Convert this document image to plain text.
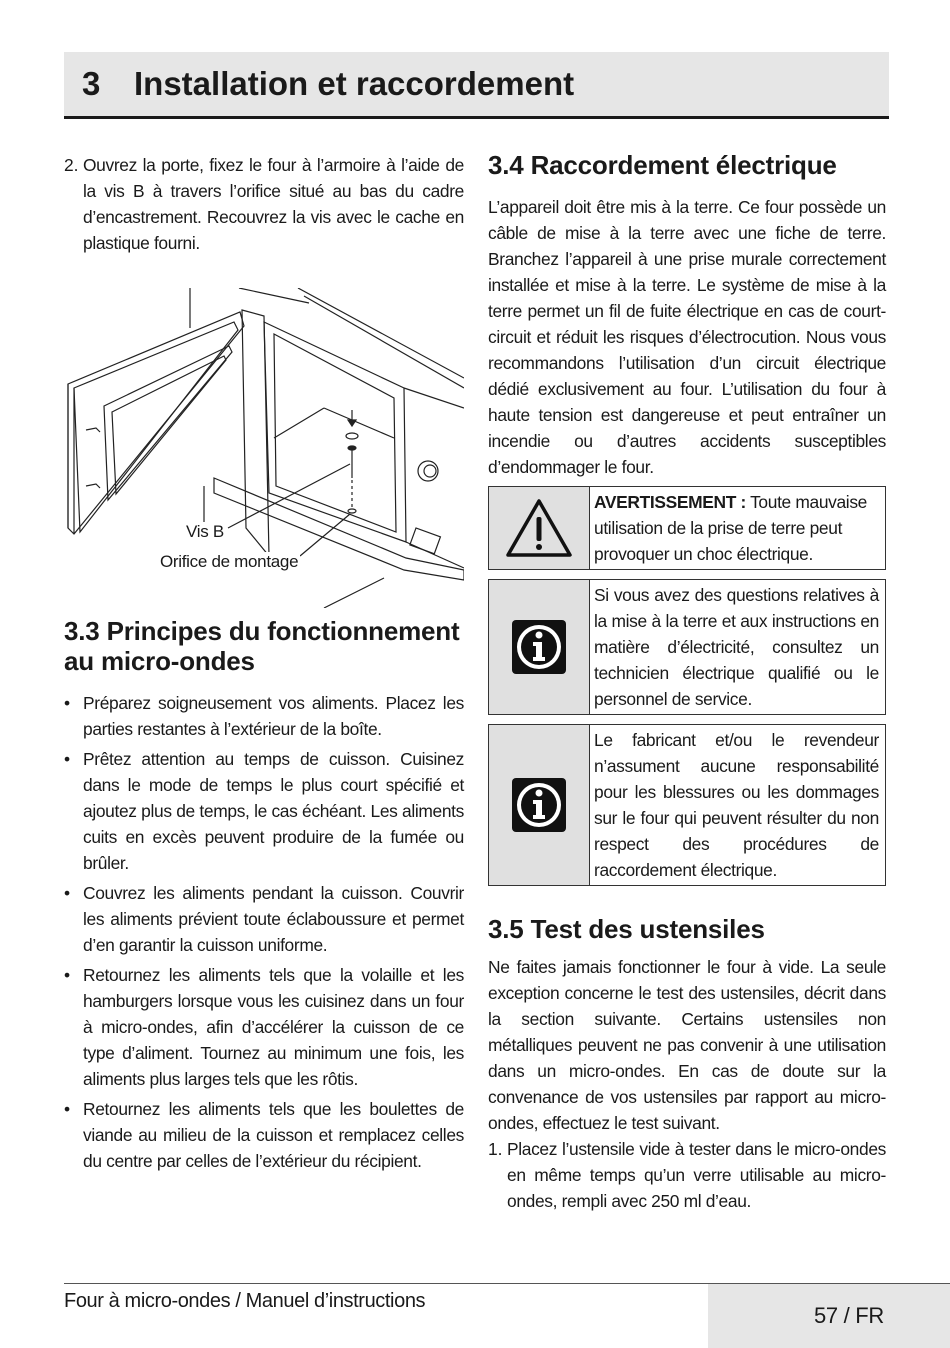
3	Installation et raccordement
2. Ouvrez la porte, fixez le four à l’armoire à l’aide de la vis B à travers l’orifice situé au bas du cadre d’encastrement. Recouvrez la vis avec le cache en plastique fourni.

Vis B
Orifice de montage
3.3 Principes du fonctionnement au micro-ondes
• Préparez soigneusement vos aliments. Placez les parties restantes à l’extérieur de la boîte.

• Prêtez attention au temps de cuisson. Cuisinez dans le mode de temps le plus court spécifié et ajoutez plus de temps, le cas échéant. Les aliments cuits en excès peuvent produire de la fumée ou brûler.

• Couvrez les aliments pendant la cuisson. Couvrir les aliments prévient toute éclaboussure et permet d’en garantir la cuisson uniforme.

• Retournez les aliments tels que la volaille et les hamburgers lorsque vous les cuisinez dans un four à micro-ondes, afin d’accélérer la cuisson de ce type d’aliment. Tournez au minimum une fois, les aliments plus larges tels que les rôtis.

• Retournez les aliments tels que les boulettes de viande au milieu de la cuisson et remplacez celles du centre par celles de l’extérieur du récipient.

3.4 Raccordement électrique

L’appareil doit être mis à la terre. Ce four possède un câble de mise à la terre avec une fiche de terre. Branchez l’appareil à une prise murale correctement installée et mise à la terre. Le système de mise à la terre permet un fil de fuite électrique en cas de court-circuit et réduit les risques d’électrocution. Nous vous recommandons l’utilisation d’un circuit électrique dédié exclusivement au four. L’utilisation du four à haute tension est dangereuse et peut entraîner un incendie ou d’autres accidents susceptibles d’endommager le four.

AVERTISSEMENT : Toute mauvaise utilisation de la prise de terre peut provoquer un choc électrique.

Si vous avez des questions relatives à la mise à la terre et aux instructions en matière d’électricité, consultez un technicien électrique qualifié ou le personnel de service.

Le fabricant et/ou le revendeur n’assument aucune responsabilité pour les blessures ou les dommages sur le four qui peuvent résulter du non respect des procédures de raccordement électrique.

3.5 Test des ustensiles

Ne faites jamais fonctionner le four à vide. La seule exception concerne le test des ustensiles, décrit dans la section suivante. Certains ustensiles non métalliques peuvent ne pas convenir à une utilisation dans un micro-ondes. En cas de doute sur la convenance de vos ustensiles par rapport au micro-ondes, effectuez le test suivant.

1. Placez l’ustensile vide à tester dans le micro-ondes en même temps qu’un verre utilisable au micro-ondes, rempli avec 250 ml d’eau.

Four à micro-ondes / Manuel d’instructions
57 / FR
